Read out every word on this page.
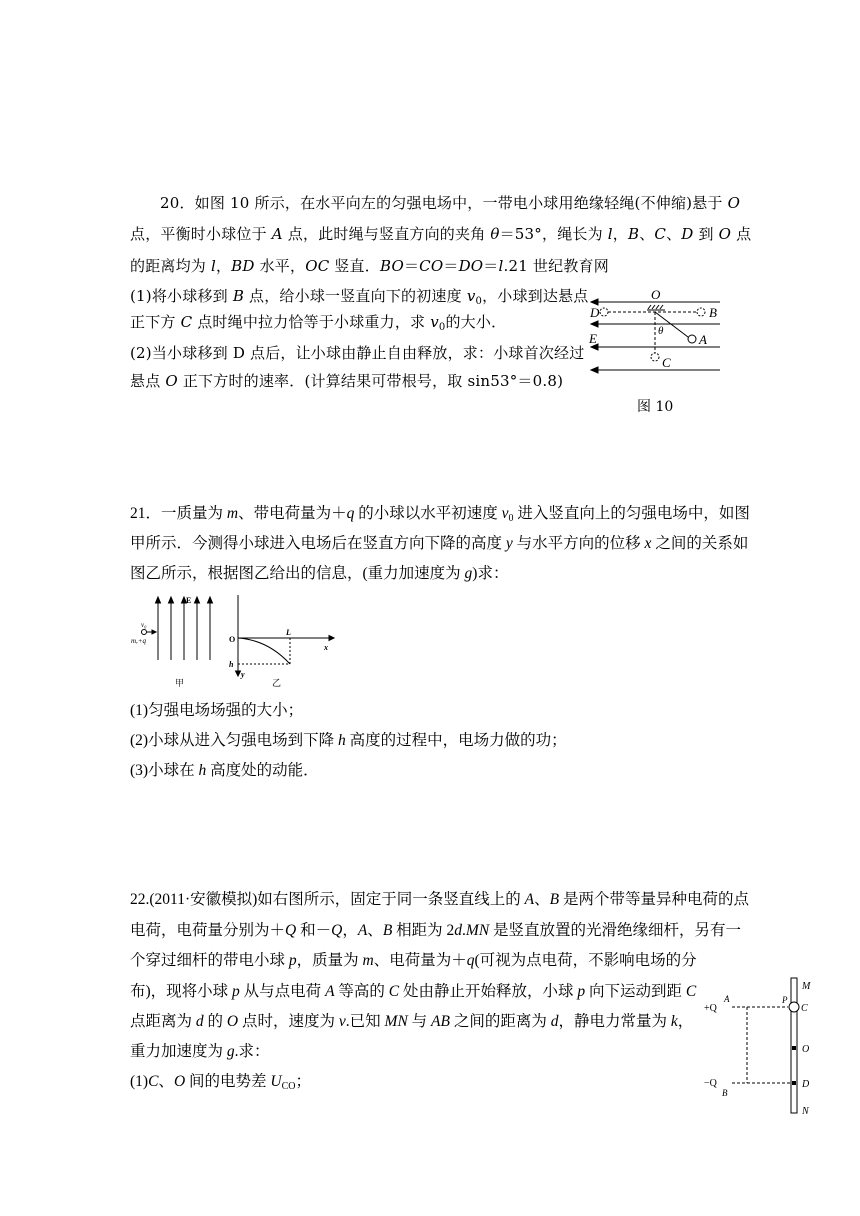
20．如图 10 所示，在水平向左的匀强电场中，一带电小球用绝缘轻绳(不伸缩)悬于 O
点，平衡时小球位于 A 点，此时绳与竖直方向的夹角 θ＝53°，绳长为 l，B、C、D 到 O 点
的距离均为 l，BD 水平，OC 竖直．BO＝CO＝DO＝l.21 世纪教育网
(1)将小球移到 B 点，给小球一竖直向下的初速度 $v_0$，小球到达悬点
正下方 C 点时绳中拉力恰等于小球重力，求 $v_0$的大小．
(2)当小球移到 D 点后，让小球由静止自由释放，求：小球首次经过
悬点 O 正下方时的速率．(计算结果可带根号，取 sin53°＝0.8)
O
D	B
E	A
C
θ
图 10
21．一质量为 m、带电荷量为＋q 的小球以水平初速度 $v_0$ 进入竖直向上的匀强电场中，如图
甲所示．今测得小球进入电场后在竖直方向下降的高度 y 与水平方向的位移 x 之间的关系如
图乙所示，根据图乙给出的信息，(重力加速度为 g)求：
E
v₀
m,+q	O
L
x
h
y
甲	乙
(1)匀强电场场强的大小；
(2)小球从进入匀强电场到下降 h 高度的过程中，电场力做的功；
(3)小球在 h 高度处的动能．
22.(2011·安徽模拟)如右图所示，固定于同一条竖直线上的 A、B 是两个带等量异种电荷的点
电荷，电荷量分别为＋Q 和－Q，A、B 相距为 2d.MN 是竖直放置的光滑绝缘细杆，另有一
个穿过细杆的带电小球 p，质量为 m、电荷量为＋q(可视为点电荷，不影响电场的分
布)，现将小球 p 从与点电荷 A 等高的 C 处由静止开始释放，小球 p 向下运动到距 C
点距离为 d 的 O 点时，速度为 v.已知 MN 与 AB 之间的距离为 d，静电力常量为 k，
重力加速度为 g.求：
(1)C、O 间的电势差 $U_{CO}$；
M
N
+Q
−Q
A
B
P
C
O
D
